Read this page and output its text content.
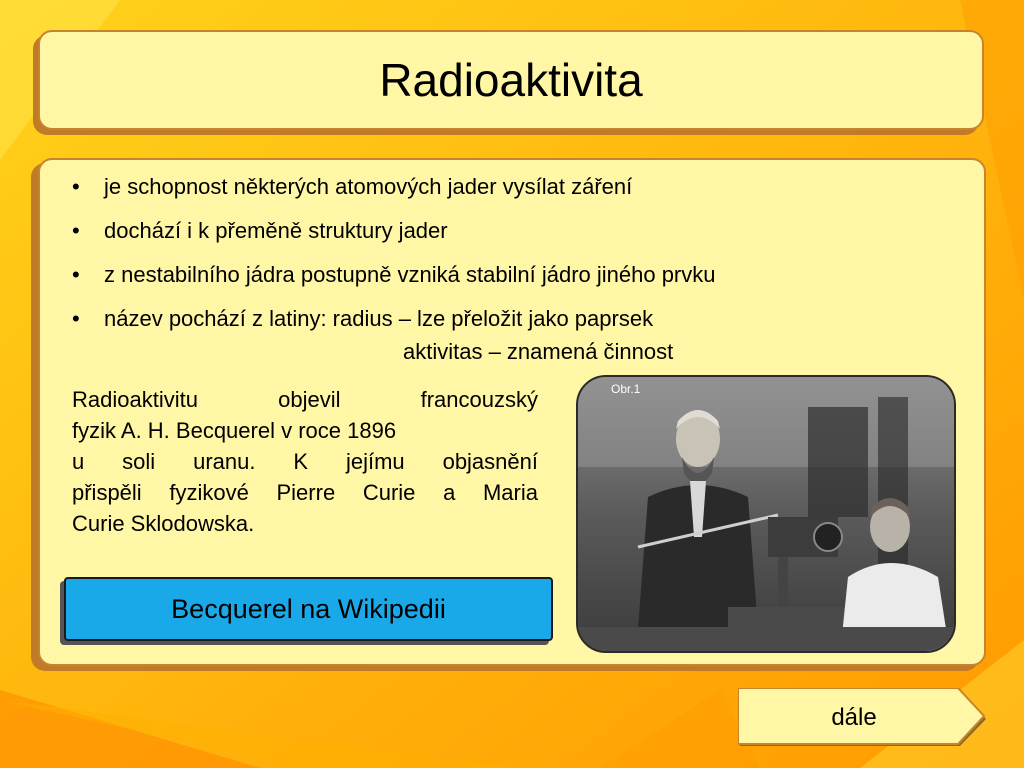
Radioaktivita
• je schopnost některých atomových jader vysílat záření
• dochází i k přeměně struktury jader
• z nestabilního jádra postupně vzniká stabilní jádro jiného prvku
• název pochází z latiny: radius – lze přeložit jako paprsek
aktivitas – znamená činnost
Radioaktivitu objevil francouzský
fyzik A. H. Becquerel v roce 1896
u soli uranu. K jejímu objasnění
přispěli fyzikové Pierre Curie a Maria
Curie Sklodowska.
Becquerel na Wikipedii
Obr.1
dále
